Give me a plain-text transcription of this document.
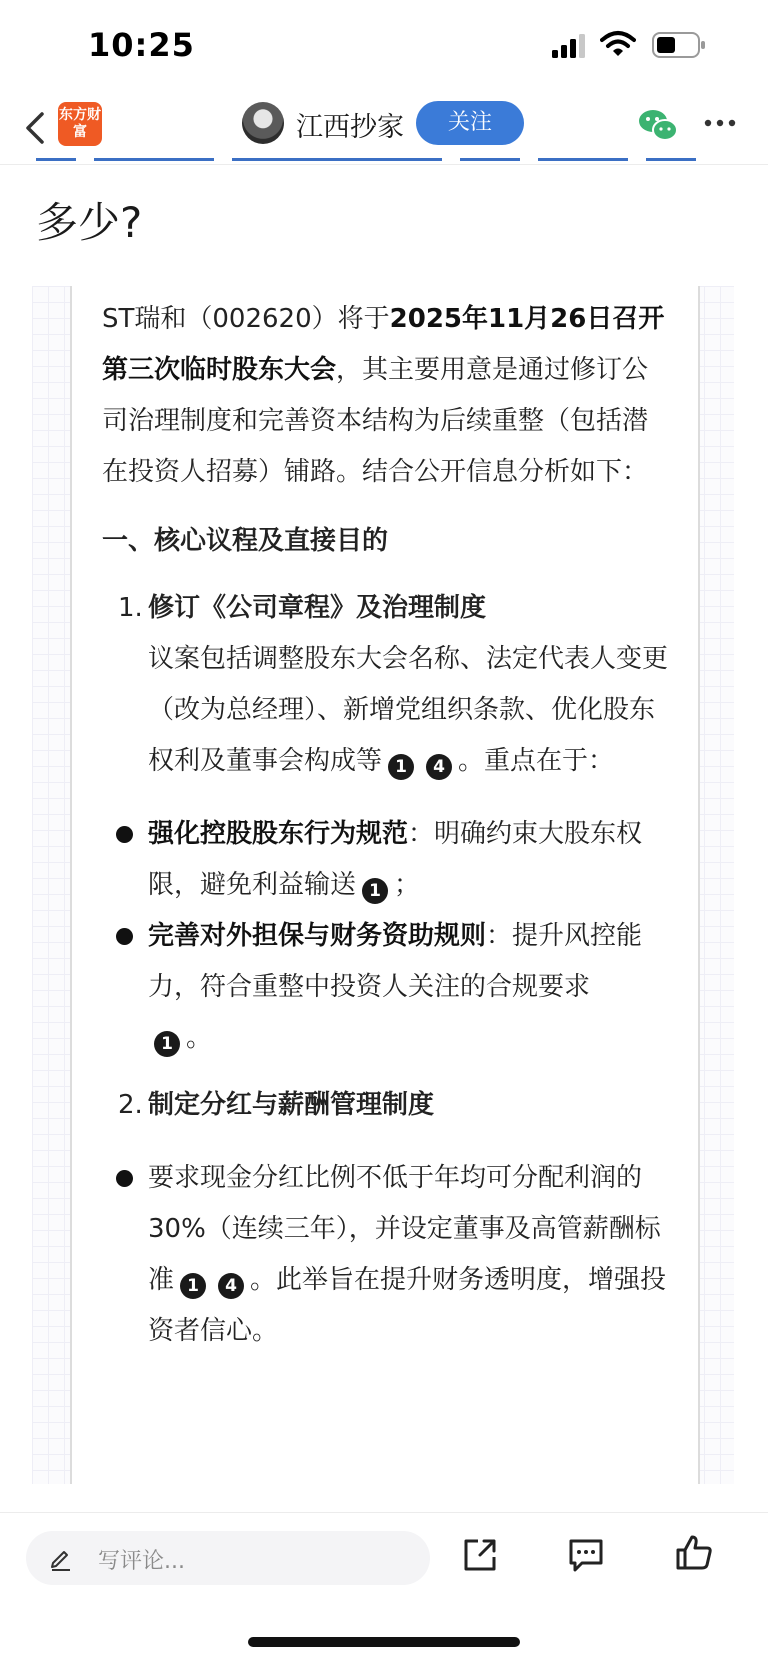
10:25
东方财富	江西抄家	关注
多少?

ST瑞和（002620）将于2025年11月26日召开第三次临时股东大会，其主要用意是通过修订公司治理制度和完善资本结构为后续重整（包括潜在投资人招募）铺路。结合公开信息分析如下：

一、核心议程及直接目的
1. 修订《公司章程》及治理制度
议案包括调整股东大会名称、法定代表人变更（改为总经理）、新增党组织条款、优化股东权利及董事会构成等 1 4 。重点在于：

强化控股股东行为规范：明确约束大股东权限，避免利益输送 1 ；

完善对外担保与财务资助规则：提升风控能力，符合重整中投资人关注的合规要求
1 。

2. 制定分红与薪酬管理制度

要求现金分红比例不低于年均可分配利润的30%（连续三年），并设定董事及高管薪酬标准 1 4 。此举旨在提升财务透明度，增强投资者信心。

写评论...
